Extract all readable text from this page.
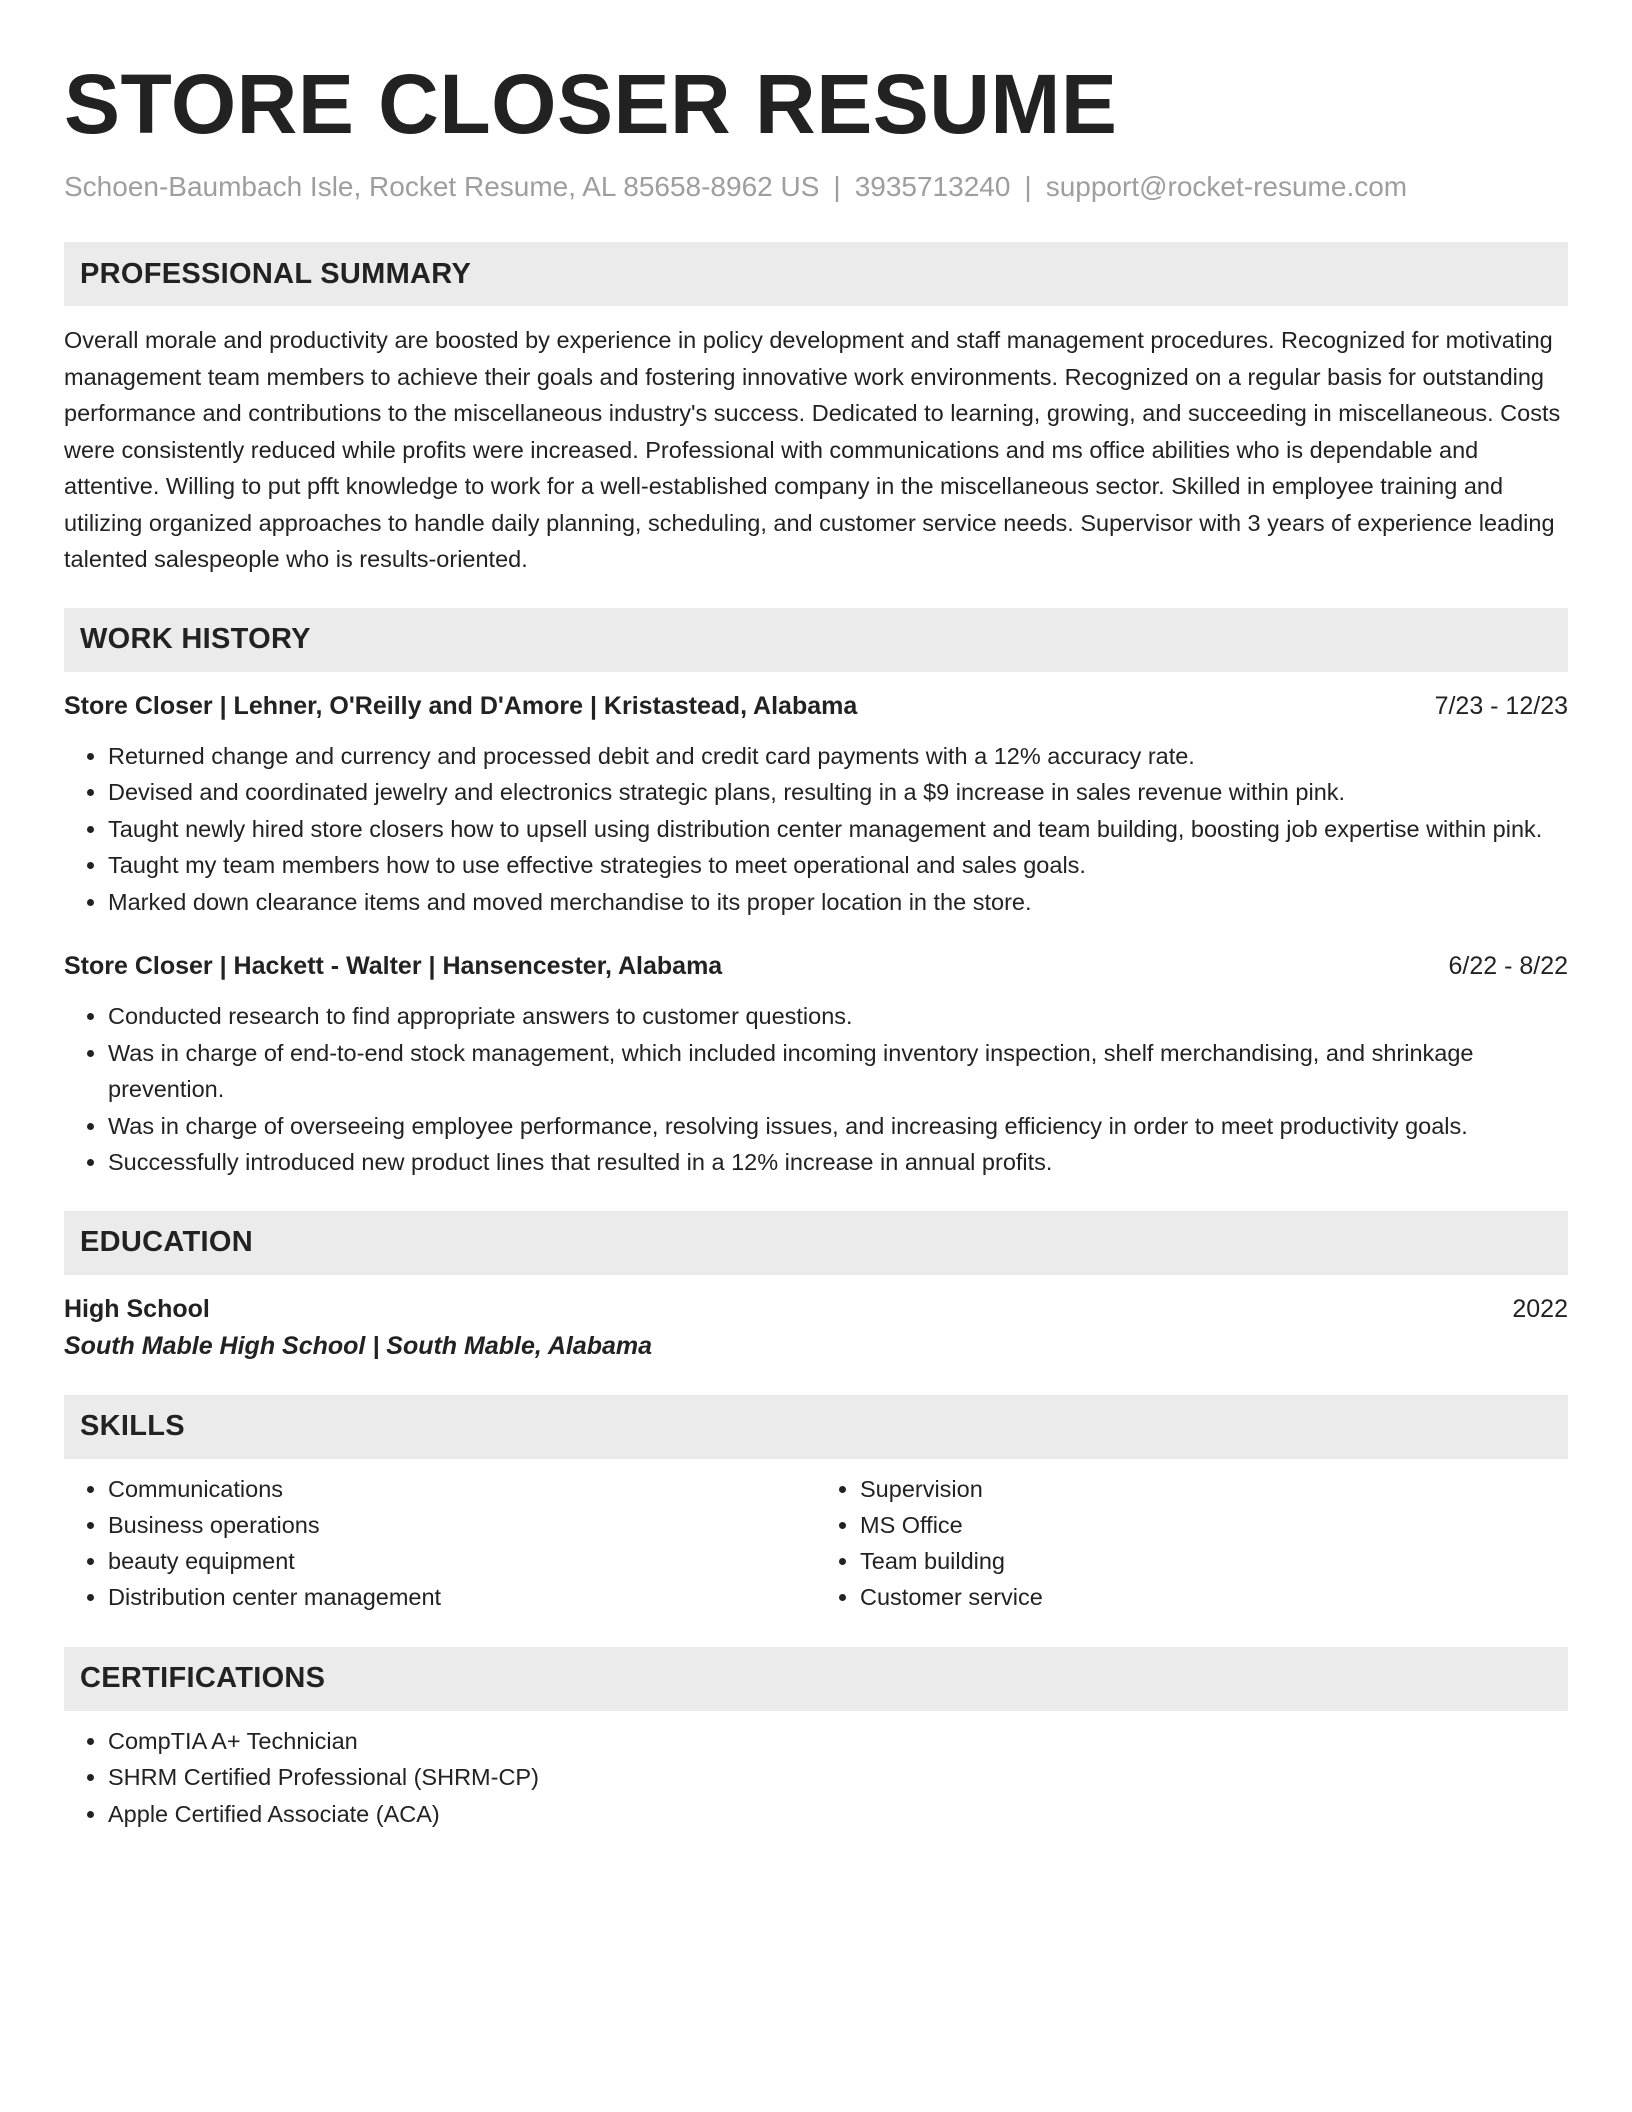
STORE CLOSER RESUME
Schoen-Baumbach Isle, Rocket Resume, AL 85658-8962 US | 3935713240 | support@rocket-resume.com
PROFESSIONAL SUMMARY

Overall morale and productivity are boosted by experience in policy development and staff management procedures. Recognized for motivating management team members to achieve their goals and fostering innovative work environments. Recognized on a regular basis for outstanding performance and contributions to the miscellaneous industry's success. Dedicated to learning, growing, and succeeding in miscellaneous. Costs were consistently reduced while profits were increased. Professional with communications and ms office abilities who is dependable and attentive. Willing to put pfft knowledge to work for a well-established company in the miscellaneous sector. Skilled in employee training and utilizing organized approaches to handle daily planning, scheduling, and customer service needs. Supervisor with 3 years of experience leading talented salespeople who is results-oriented.

WORK HISTORY
Store Closer | Lehner, O'Reilly and D'Amore | Kristastead, Alabama	7/23 - 12/23
• Returned change and currency and processed debit and credit card payments with a 12% accuracy rate.
• Devised and coordinated jewelry and electronics strategic plans, resulting in a $9 increase in sales revenue within pink.
• Taught newly hired store closers how to upsell using distribution center management and team building, boosting job expertise within pink.
• Taught my team members how to use effective strategies to meet operational and sales goals.
• Marked down clearance items and moved merchandise to its proper location in the store.
Store Closer | Hackett - Walter | Hansencester, Alabama	6/22 - 8/22
• Conducted research to find appropriate answers to customer questions.
• Was in charge of end-to-end stock management, which included incoming inventory inspection, shelf merchandising, and shrinkage prevention.
• Was in charge of overseeing employee performance, resolving issues, and increasing efficiency in order to meet productivity goals.
• Successfully introduced new product lines that resulted in a 12% increase in annual profits.
EDUCATION
High School	2022
South Mable High School | South Mable, Alabama
SKILLS
• Communications
• Business operations
• beauty equipment
• Distribution center management
• Supervision
• MS Office
• Team building
• Customer service
CERTIFICATIONS
• CompTIA A+ Technician
• SHRM Certified Professional (SHRM-CP)
• Apple Certified Associate (ACA)
